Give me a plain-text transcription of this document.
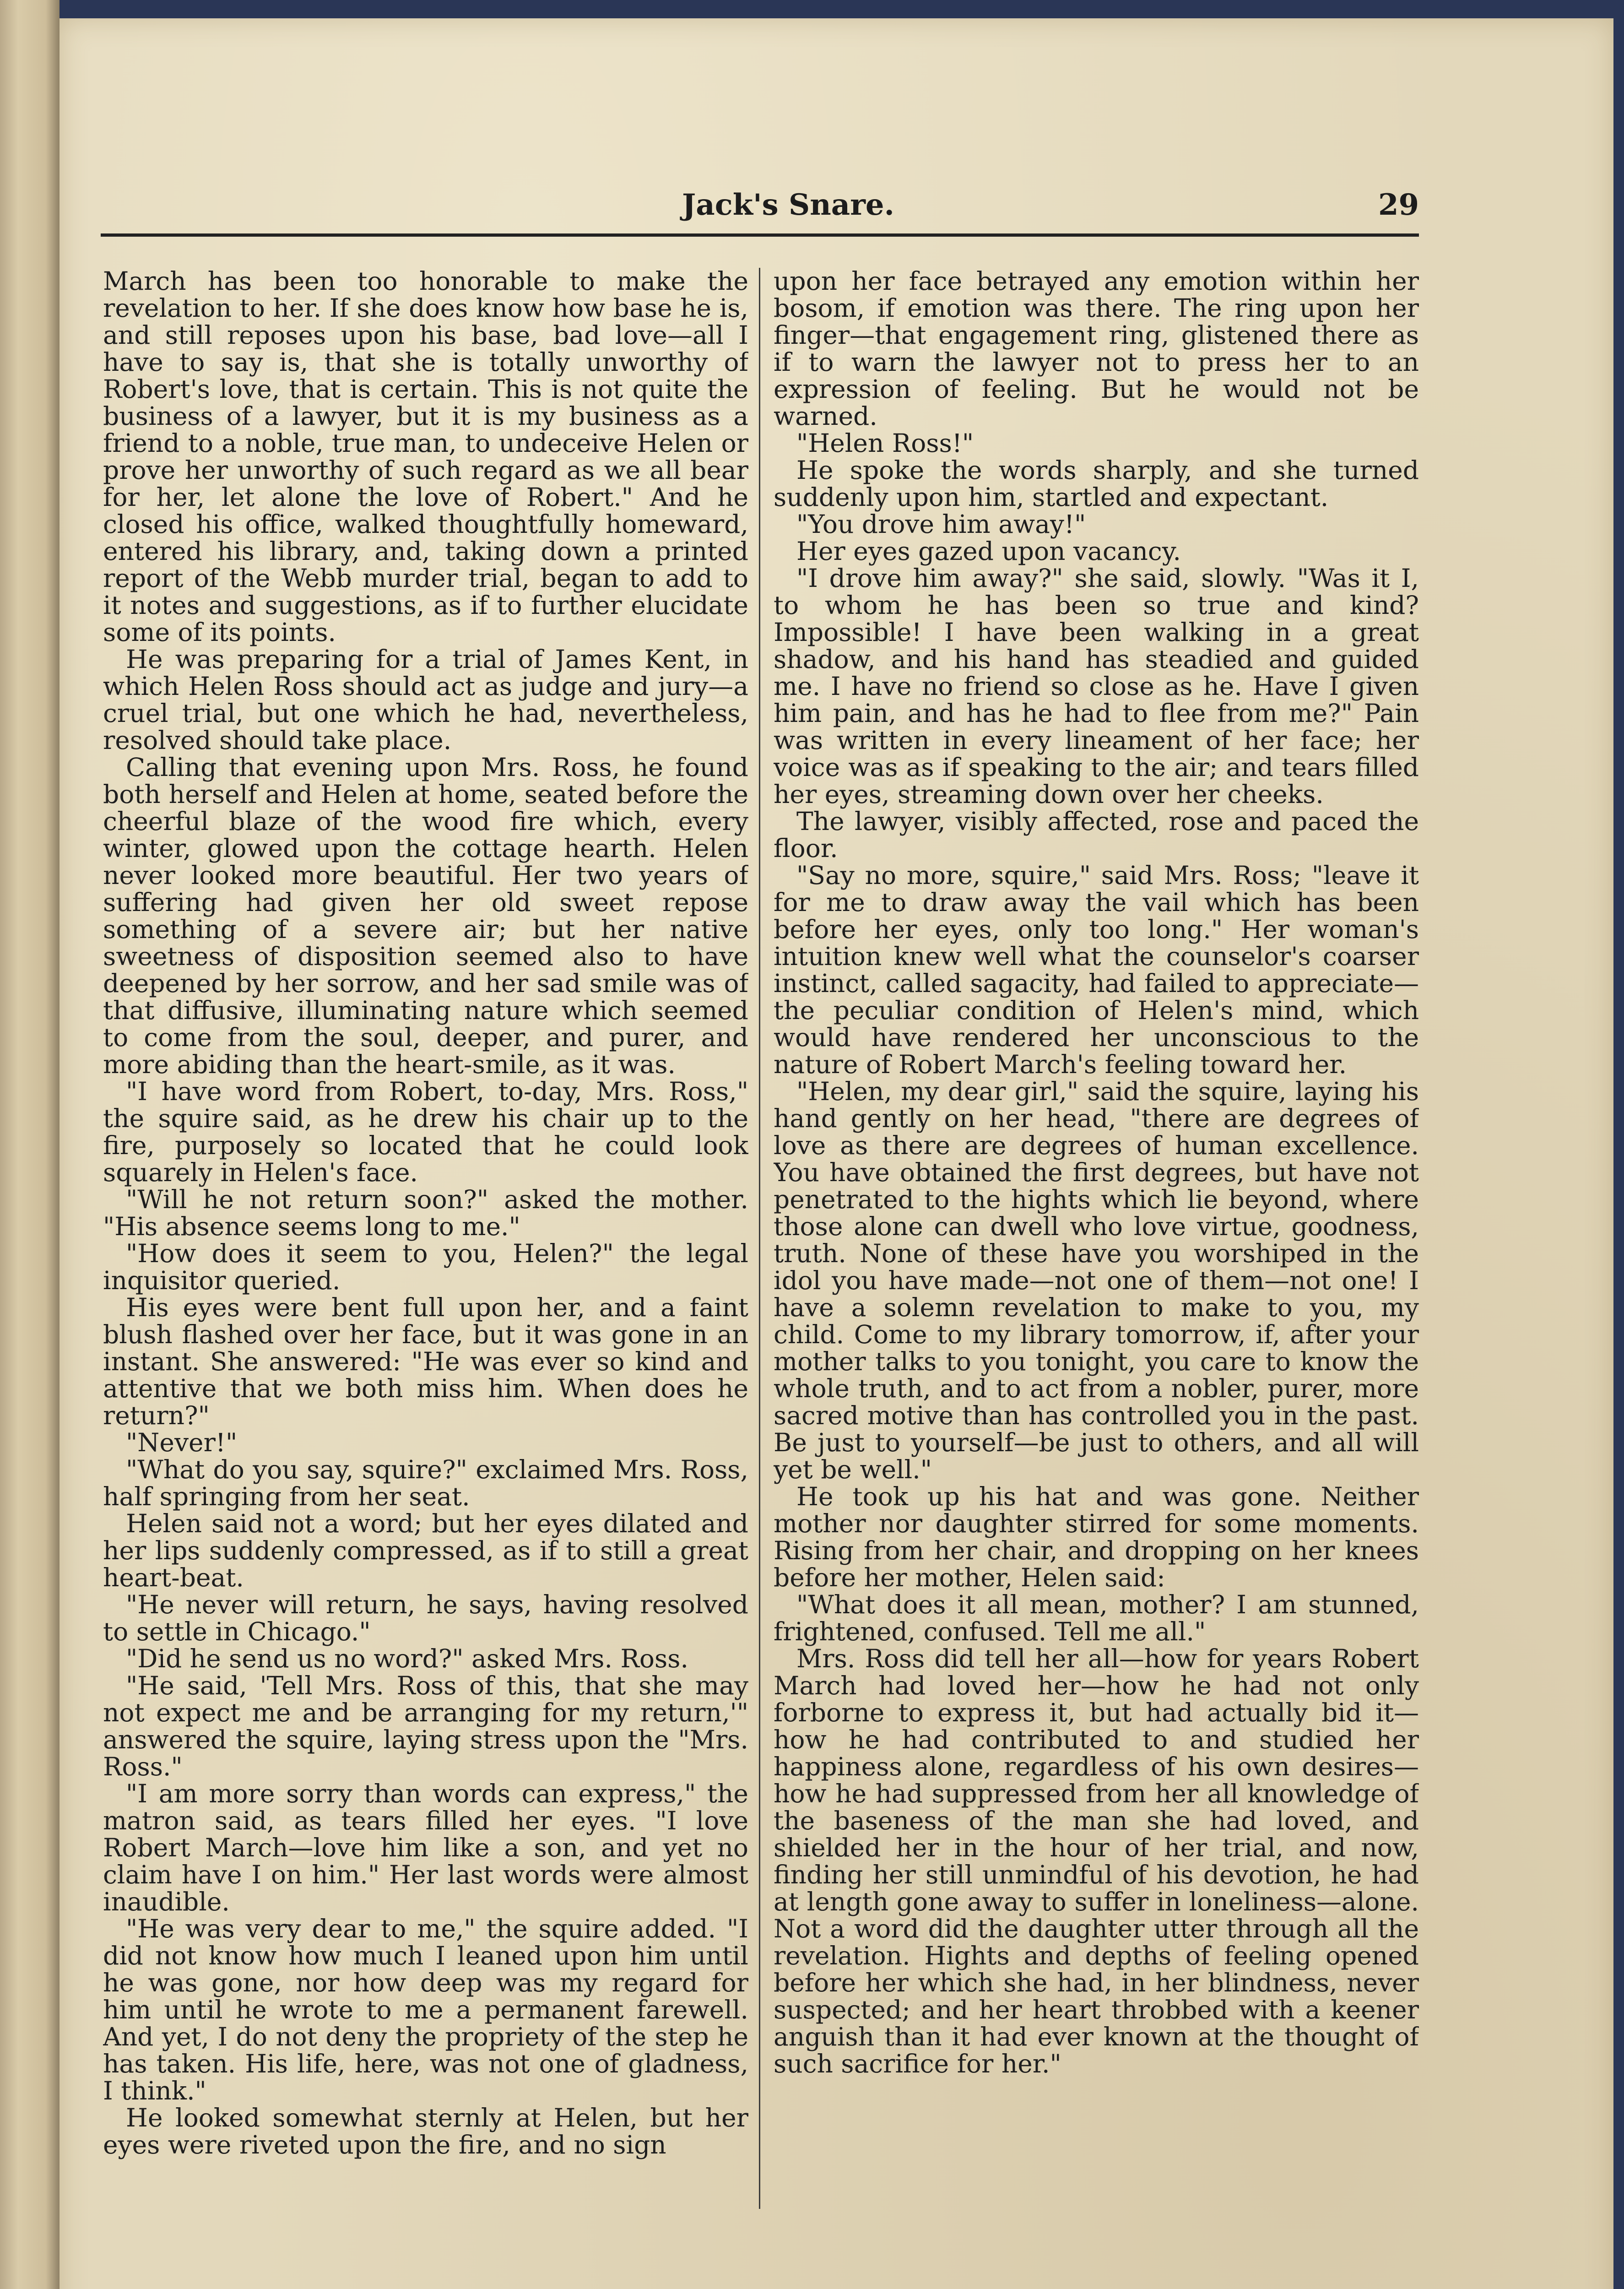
Jack's Snare.	29

March has been too honorable to make the revelation to her. If she does know how base he is, and still reposes upon his base, bad love—all I have to say is, that she is totally unworthy of Robert's love, that is certain. This is not quite the business of a lawyer, but it is my business as a friend to a noble, true man, to undeceive Helen or prove her unworthy of such regard as we all bear for her, let alone the love of Robert." And he closed his office, walked thoughtfully homeward, entered his library, and, taking down a printed report of the Webb murder trial, began to add to it notes and suggestions, as if to further elucidate some of its points.

He was preparing for a trial of James Kent, in which Helen Ross should act as judge and jury—a cruel trial, but one which he had, nevertheless, resolved should take place.

Calling that evening upon Mrs. Ross, he found both herself and Helen at home, seated before the cheerful blaze of the wood fire which, every winter, glowed upon the cottage hearth. Helen never looked more beautiful. Her two years of suffering had given her old sweet repose something of a severe air; but her native sweetness of disposition seemed also to have deepened by her sorrow, and her sad smile was of that diffusive, illuminating nature which seemed to come from the soul, deeper, and purer, and more abiding than the heart-smile, as it was.

"I have word from Robert, to-day, Mrs. Ross," the squire said, as he drew his chair up to the fire, purposely so located that he could look squarely in Helen's face.

"Will he not return soon?" asked the mother. "His absence seems long to me."

"How does it seem to you, Helen?" the legal inquisitor queried.

His eyes were bent full upon her, and a faint blush flashed over her face, but it was gone in an instant. She answered: "He was ever so kind and attentive that we both miss him. When does he return?"

"Never!"

"What do you say, squire?" exclaimed Mrs. Ross, half springing from her seat.

Helen said not a word; but her eyes dilated and her lips suddenly compressed, as if to still a great heart-beat.

"He never will return, he says, having resolved to settle in Chicago."

"Did he send us no word?" asked Mrs. Ross.

"He said, 'Tell Mrs. Ross of this, that she may not expect me and be arranging for my return,'" answered the squire, laying stress upon the "Mrs. Ross."

"I am more sorry than words can express," the matron said, as tears filled her eyes. "I love Robert March—love him like a son, and yet no claim have I on him." Her last words were almost inaudible.

"He was very dear to me," the squire added. "I did not know how much I leaned upon him until he was gone, nor how deep was my regard for him until he wrote to me a permanent farewell. And yet, I do not deny the propriety of the step he has taken. His life, here, was not one of gladness, I think."

He looked somewhat sternly at Helen, but her eyes were riveted upon the fire, and no sign

upon her face betrayed any emotion within her bosom, if emotion was there. The ring upon her finger—that engagement ring, glistened there as if to warn the lawyer not to press her to an expression of feeling. But he would not be warned.

"Helen Ross!"

He spoke the words sharply, and she turned suddenly upon him, startled and expectant.

"You drove him away!"

Her eyes gazed upon vacancy.

"I drove him away?" she said, slowly. "Was it I, to whom he has been so true and kind? Impossible! I have been walking in a great shadow, and his hand has steadied and guided me. I have no friend so close as he. Have I given him pain, and has he had to flee from me?" Pain was written in every lineament of her face; her voice was as if speaking to the air; and tears filled her eyes, streaming down over her cheeks.

The lawyer, visibly affected, rose and paced the floor.

"Say no more, squire," said Mrs. Ross; "leave it for me to draw away the vail which has been before her eyes, only too long." Her woman's intuition knew well what the counselor's coarser instinct, called sagacity, had failed to appreciate—the peculiar condition of Helen's mind, which would have rendered her unconscious to the nature of Robert March's feeling toward her.

"Helen, my dear girl," said the squire, laying his hand gently on her head, "there are degrees of love as there are degrees of human excellence. You have obtained the first degrees, but have not penetrated to the hights which lie beyond, where those alone can dwell who love virtue, goodness, truth. None of these have you worshiped in the idol you have made—not one of them—not one! I have a solemn revelation to make to you, my child. Come to my library tomorrow, if, after your mother talks to you tonight, you care to know the whole truth, and to act from a nobler, purer, more sacred motive than has controlled you in the past. Be just to yourself—be just to others, and all will yet be well."

He took up his hat and was gone. Neither mother nor daughter stirred for some moments. Rising from her chair, and dropping on her knees before her mother, Helen said:

"What does it all mean, mother? I am stunned, frightened, confused. Tell me all."

Mrs. Ross did tell her all—how for years Robert March had loved her—how he had not only forborne to express it, but had actually bid it—how he had contributed to and studied her happiness alone, regardless of his own desires—how he had suppressed from her all knowledge of the baseness of the man she had loved, and shielded her in the hour of her trial, and now, finding her still unmindful of his devotion, he had at length gone away to suffer in loneliness—alone. Not a word did the daughter utter through all the revelation. Hights and depths of feeling opened before her which she had, in her blindness, never suspected; and her heart throbbed with a keener anguish than it had ever known at the thought of such sacrifice for her."
